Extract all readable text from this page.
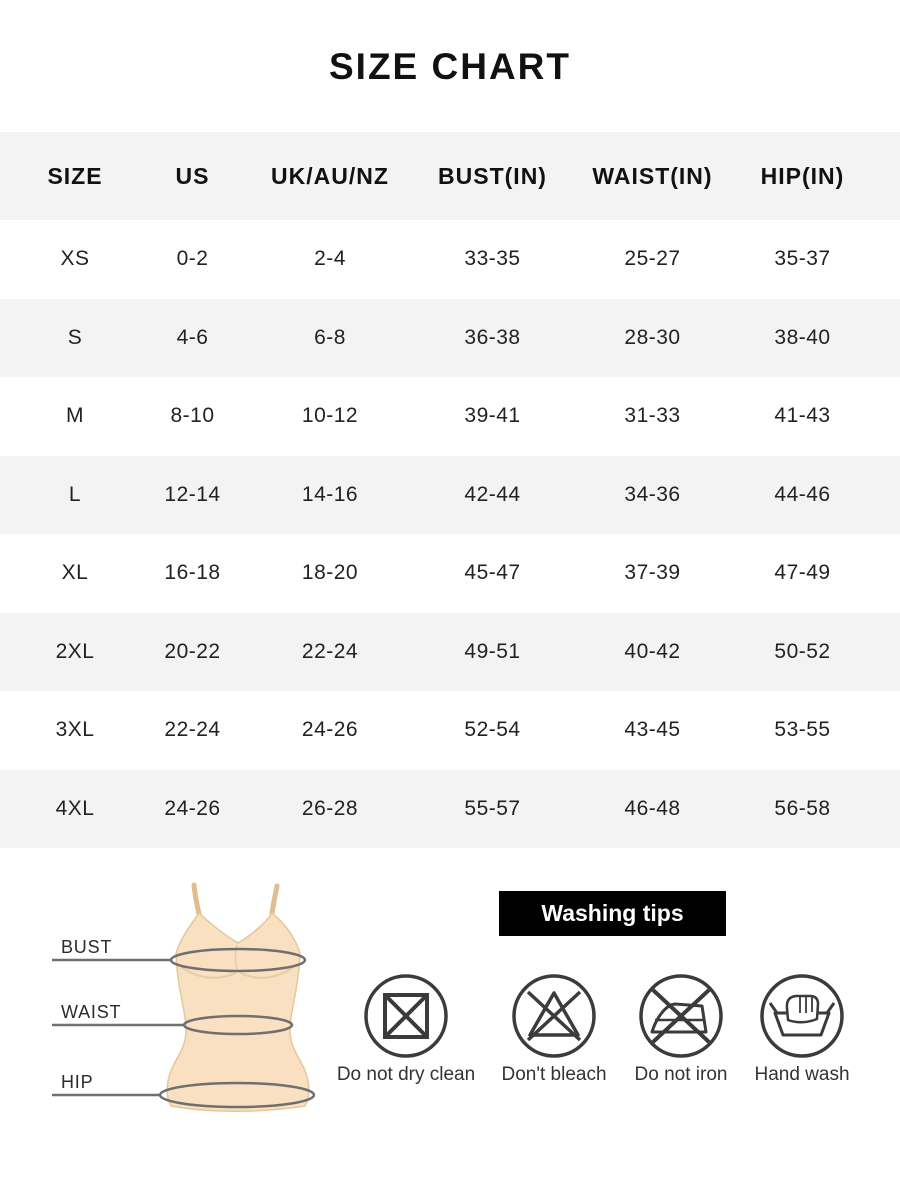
SIZE CHART
SIZE	US	UK/AU/NZ	BUST(IN)	WAIST(IN)	HIP(IN)
XS	0-2	2-4	33-35	25-27	35-37
S	4-6	6-8	36-38	28-30	38-40
M	8-10	10-12	39-41	31-33	41-43
L	12-14	14-16	42-44	34-36	44-46
XL	16-18	18-20	45-47	37-39	47-49
2XL	20-22	22-24	49-51	40-42	50-52
3XL	22-24	24-26	52-54	43-45	53-55
4XL	24-26	26-28	55-57	46-48	56-58
BUST
WAIST
HIP
Washing tips
Do not dry clean	Don't bleach	Do not iron	Hand wash
